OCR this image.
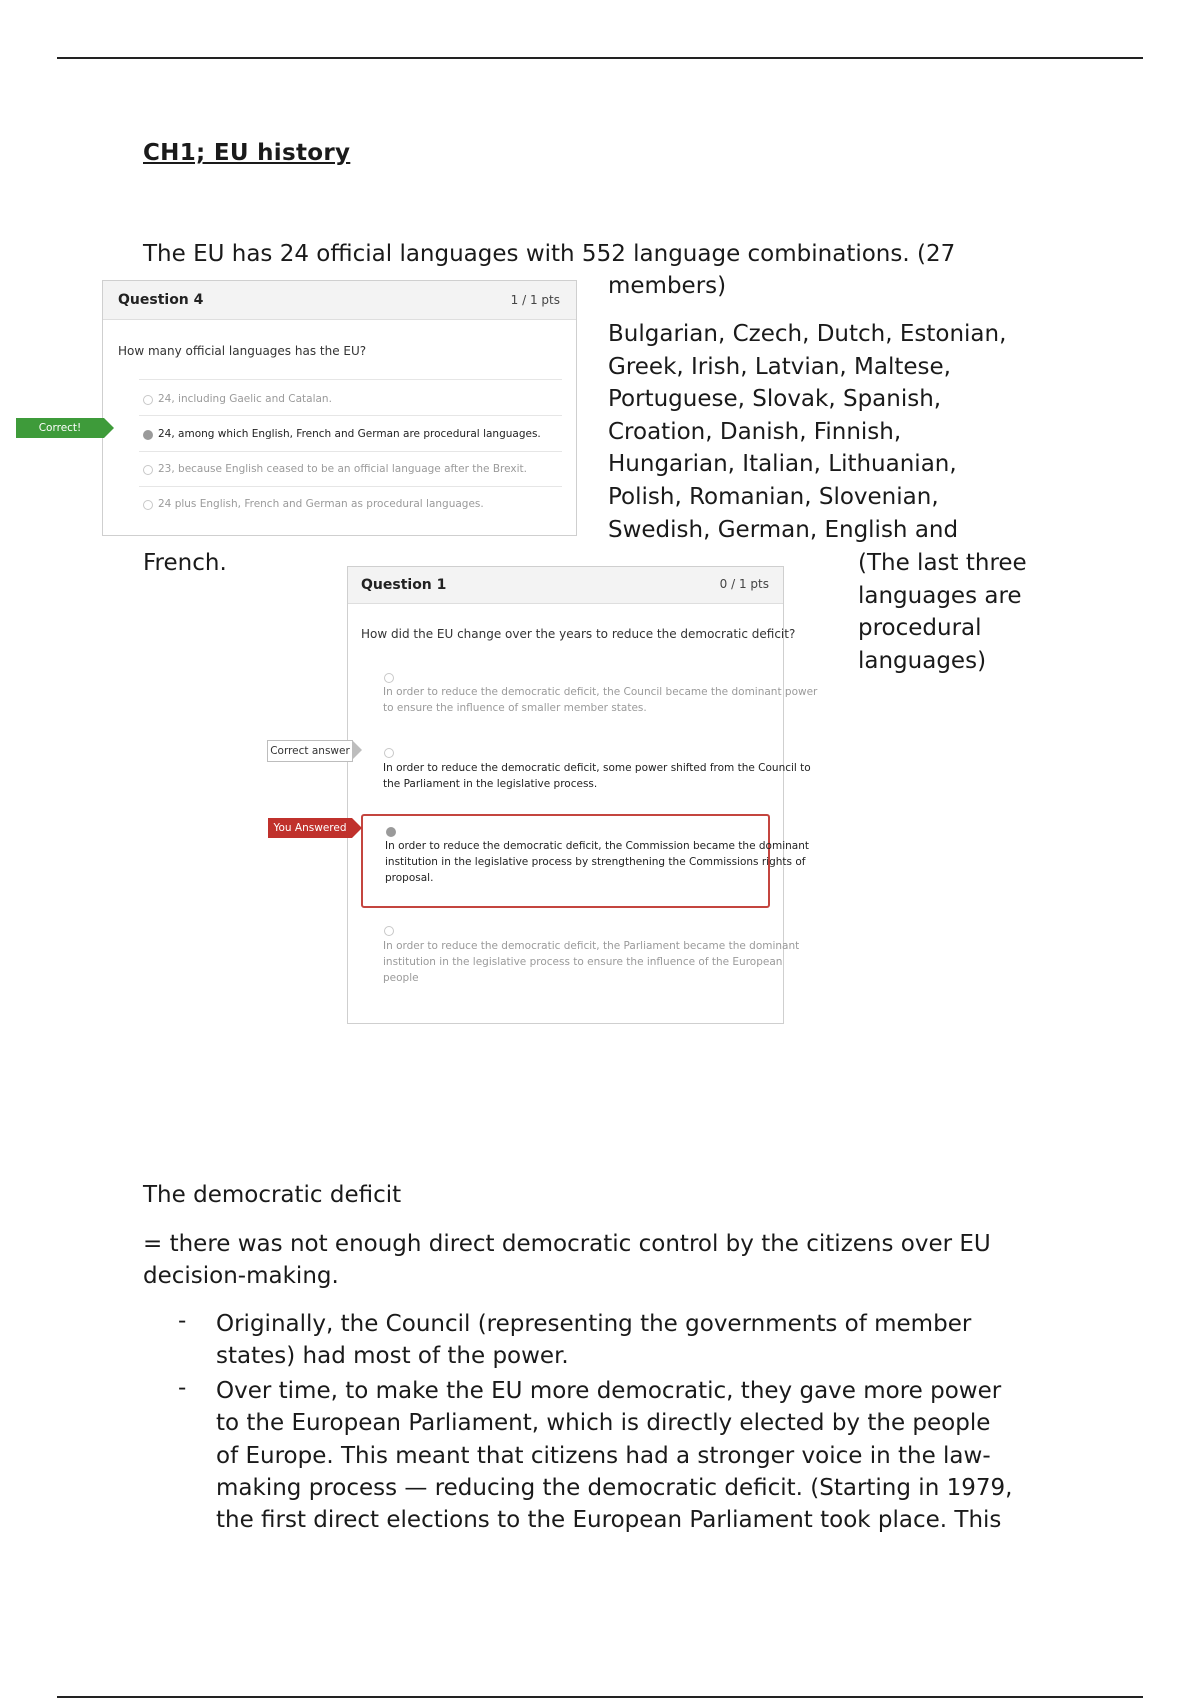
CH1; EU history
The EU has 24 official languages with 552 language combinations. (27
members)
Bulgarian, Czech, Dutch, Estonian,
Greek, Irish, Latvian, Maltese,
Portuguese, Slovak, Spanish,
Croation, Danish, Finnish,
Hungarian, Italian, Lithuanian,
Polish, Romanian, Slovenian,
Swedish, German, English and
French.	(The last three
languages are
procedural
languages)
Question 4	1 / 1 pts
How many official languages has the EU?
24, including Gaelic and Catalan.
24, among which English, French and German are procedural languages.
23, because English ceased to be an official language after the Brexit.
24 plus English, French and German as procedural languages.
Correct!
Question 1	0 / 1 pts
How did the EU change over the years to reduce the democratic deficit?
In order to reduce the democratic deficit, the Council became the dominant power
to ensure the influence of smaller member states.
In order to reduce the democratic deficit, some power shifted from the Council to
the Parliament in the legislative process.
In order to reduce the democratic deficit, the Commission became the dominant
institution in the legislative process by strengthening the Commissions rights of
proposal.
In order to reduce the democratic deficit, the Parliament became the dominant
institution in the legislative process to ensure the influence of the European
people
Correct answer
You Answered
The democratic deficit
= there was not enough direct democratic control by the citizens over EU
decision-making.
- Originally, the Council (representing the governments of member
states) had most of the power.
- Over time, to make the EU more democratic, they gave more power
to the European Parliament, which is directly elected by the people
of Europe. This meant that citizens had a stronger voice in the law-
making process — reducing the democratic deficit. (Starting in 1979,
the first direct elections to the European Parliament took place. This
